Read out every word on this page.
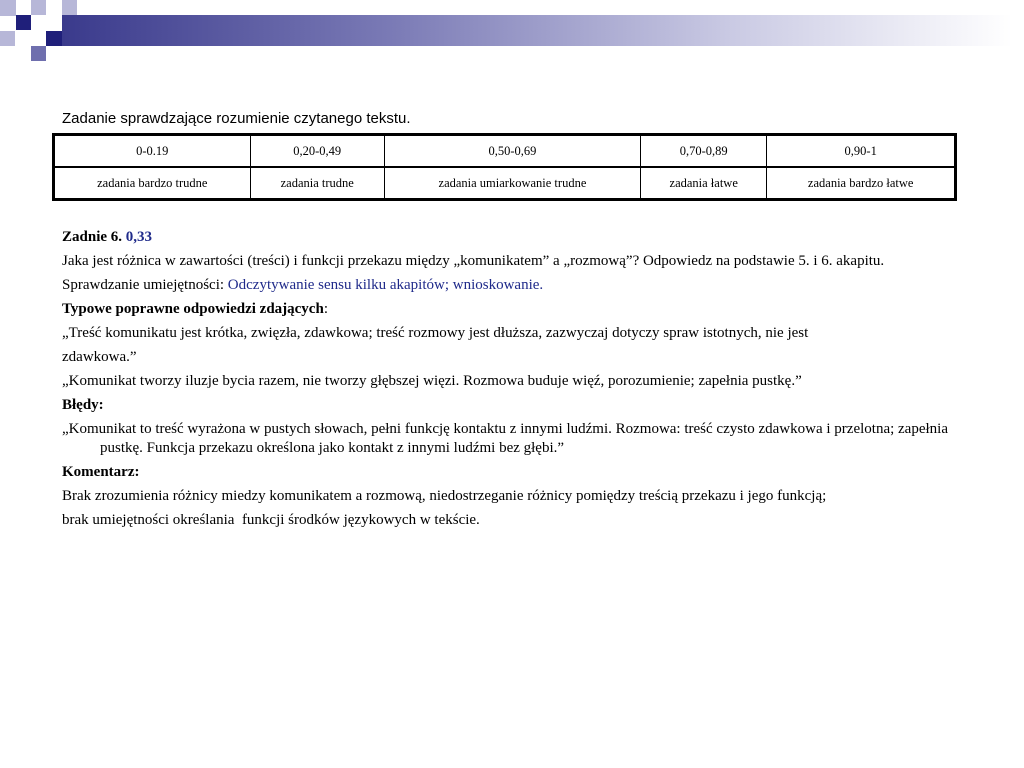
Zadanie sprawdzające rozumienie czytanego tekstu.
0-0.19	0,20-0,49	0,50-0,69	0,70-0,89	0,90-1
zadania bardzo trudne	zadania trudne	zadania umiarkowanie trudne	zadania łatwe	zadania bardzo łatwe

Zadnie 6. 0,33

Jaka jest różnica w zawartości (treści) i funkcji przekazu między „komunikatem” a „rozmową”? Odpowiedz na podstawie 5. i 6. akapitu.

Sprawdzanie umiejętności: Odczytywanie sensu kilku akapitów; wnioskowanie.

Typowe poprawne odpowiedzi zdających:

„Treść komunikatu jest krótka, zwięzła, zdawkowa; treść rozmowy jest dłuższa, zazwyczaj dotyczy spraw istotnych, nie jest

zdawkowa.”

„Komunikat tworzy iluzje bycia razem, nie tworzy głębszej więzi. Rozmowa buduje więź, porozumienie; zapełnia pustkę.”

Błędy:

„Komunikat to treść wyrażona w pustych słowach, pełni funkcję kontaktu z innymi ludźmi. Rozmowa: treść czysto zdawkowa i przelotna; zapełnia pustkę. Funkcja przekazu określona jako kontakt z innymi ludźmi bez głębi.”

Komentarz:

Brak zrozumienia różnicy miedzy komunikatem a rozmową, niedostrzeganie różnicy pomiędzy treścią przekazu i jego funkcją;

brak umiejętności określania  funkcji środków językowych w tekście.
